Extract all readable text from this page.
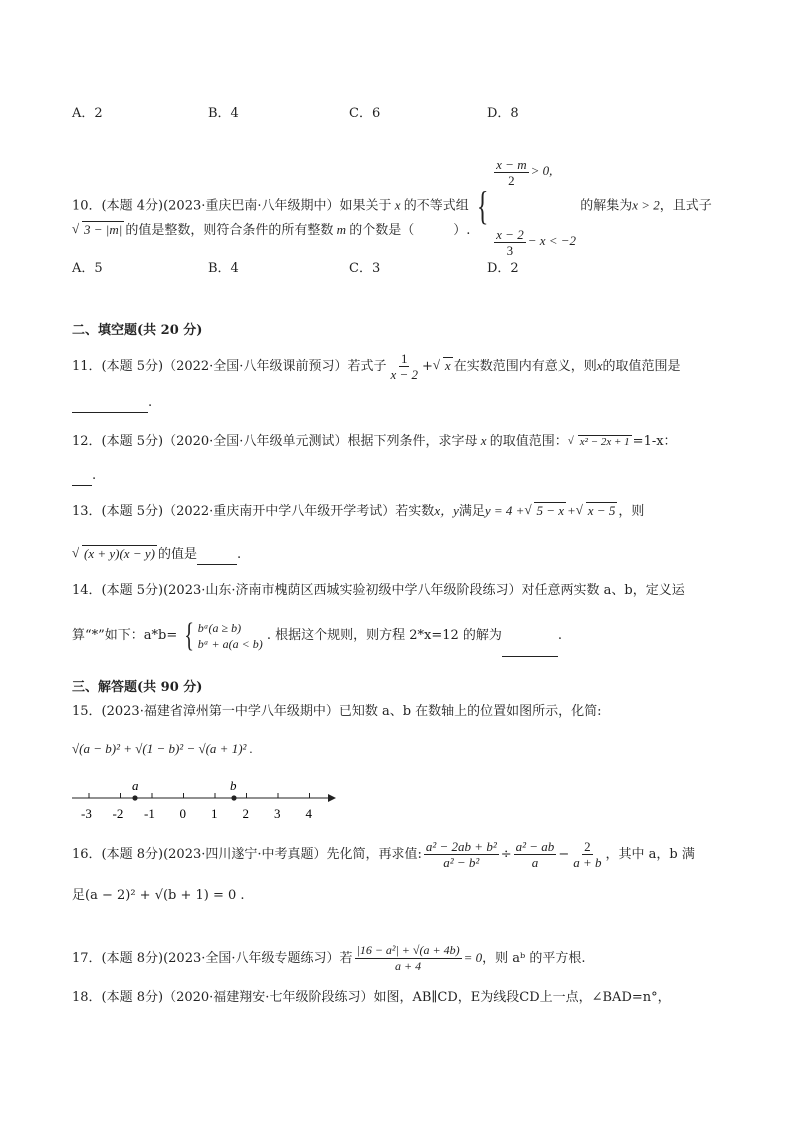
A．2	B．4	C．6	D．8
10．(本题 4分)(2023·重庆巴南·八年级期中）如果关于 x 的不等式组 {
$\frac{x - m}{2} > 0$,
$\frac{x - 2}{3} - x < -2$
的解集为x > 2，且式子
√ 3 − |m| 的值是整数，则符合条件的所有整数 m 的个数是（　　　）.
A．5	B．4	C．3	D．2
二、填空题(共 20 分)
11．(本题 5分)（2022·全国·八年级课前预习）若式子 $\frac{1}{x - 2}$ + √ x 在实数范围内有意义，则x的取值范围是
.
12．(本题 5分)（2020·全国·八年级单元测试）根据下列条件，求字母 x 的取值范围： √ x² − 2x + 1 =1-x：
.
13．(本题 5分)（2022·重庆南开中学八年级开学考试）若实数x，y满足y = 4 + √ 5 − x + √ x − 5 ，则
√ (x + y)(x − y) 的值是	.
14．(本题 5分)(2023·山东·济南市槐荫区西城实验初级中学八年级阶段练习）对任意两实数 a、b，定义运
算“*”如下：a*b= { bᵃ(a ≥ b)
bᵃ + a(a < b)
. 根据这个规则，则方程 2*x=12 的解为	.
三、解答题(共 90 分)
15．(2023·福建省漳州第一中学八年级期中）已知数 a、b 在数轴上的位置如图所示，化简:
√(a − b)² + √(1 − b)² − √(a + 1)² .
-3 -2 -1 0 1 2 3 4
a	b
16．(本题 8分)(2023·四川遂宁·中考真题）先化简，再求值: $\frac{\text{a² − 2ab + b²}}{\text{a² − b²}} \div \frac{\text{a² − ab}}{a} - \frac{2}{a + b}$ ，其中 a，b 满
足(a − 2)² + √(b + 1) = 0 .
17．(本题 8分)(2023·全国·八年级专题练习）若 $\frac{\text{|16 − a²| + √(a + 4b)}}{a + 4} = 0$，则 aᵇ 的平方根.
18．(本题 8分)（2020·福建翔安·七年级阶段练习）如图，AB∥CD，E为线段CD上一点，∠BAD=n°，
